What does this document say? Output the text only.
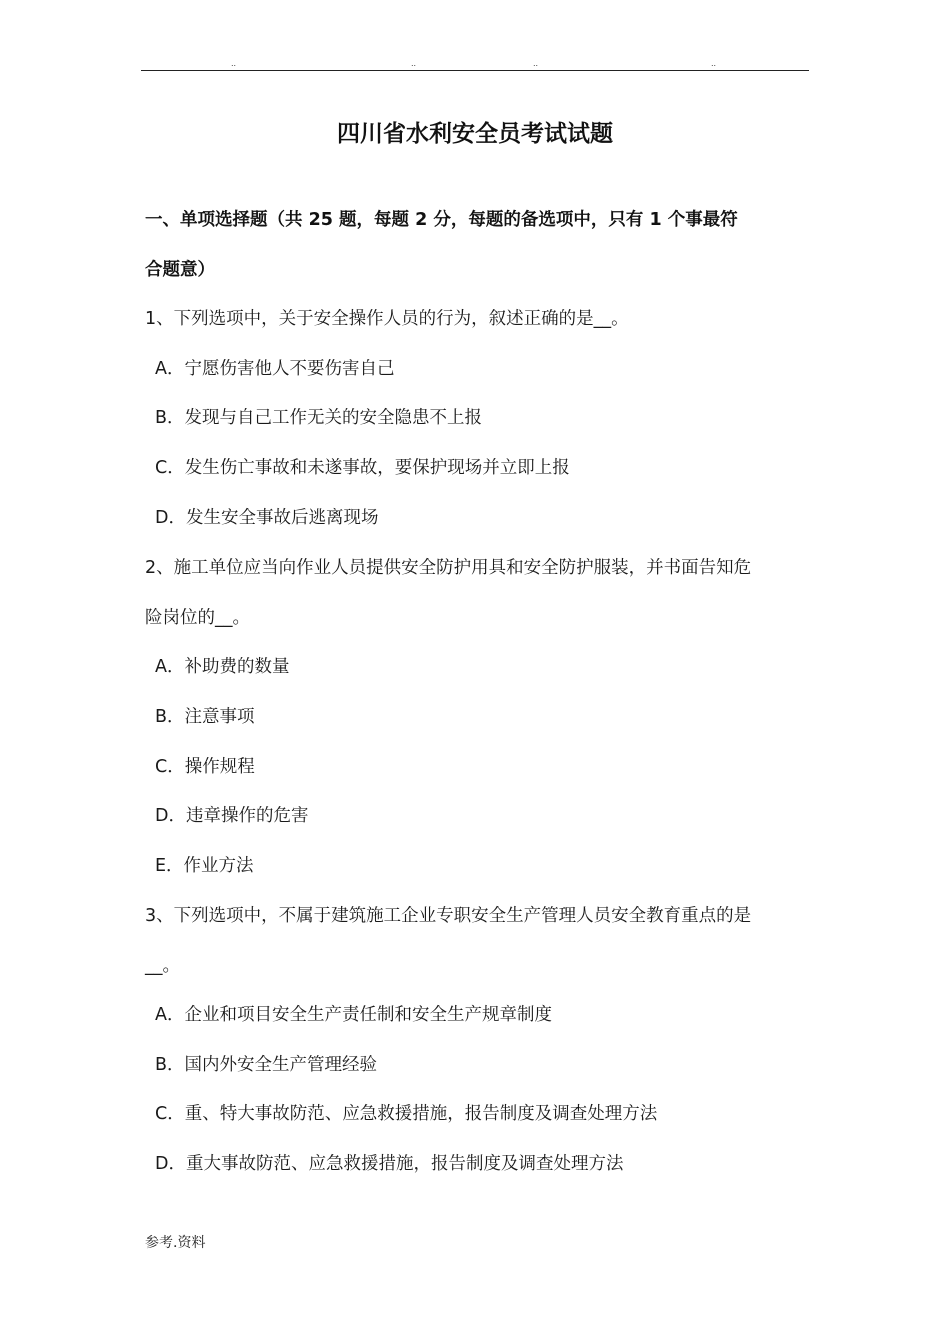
..	..	..	..
四川省水利安全员考试试题
一、单项选择题（共 25 题，每题 2 分，每题的备选项中，只有 1 个事最符
合题意）
1、下列选项中，关于安全操作人员的行为，叙述正确的是__。
A．宁愿伤害他人不要伤害自己
B．发现与自己工作无关的安全隐患不上报
C．发生伤亡事故和未遂事故，要保护现场并立即上报
D．发生安全事故后逃离现场
2、施工单位应当向作业人员提供安全防护用具和安全防护服装，并书面告知危
险岗位的__。
A．补助费的数量
B．注意事项
C．操作规程
D．违章操作的危害
E．作业方法
3、下列选项中，不属于建筑施工企业专职安全生产管理人员安全教育重点的是
__。
A．企业和项目安全生产责任制和安全生产规章制度
B．国内外安全生产管理经验
C．重、特大事故防范、应急救援措施，报告制度及调查处理方法
D．重大事故防范、应急救援措施，报告制度及调查处理方法
参考.资料
